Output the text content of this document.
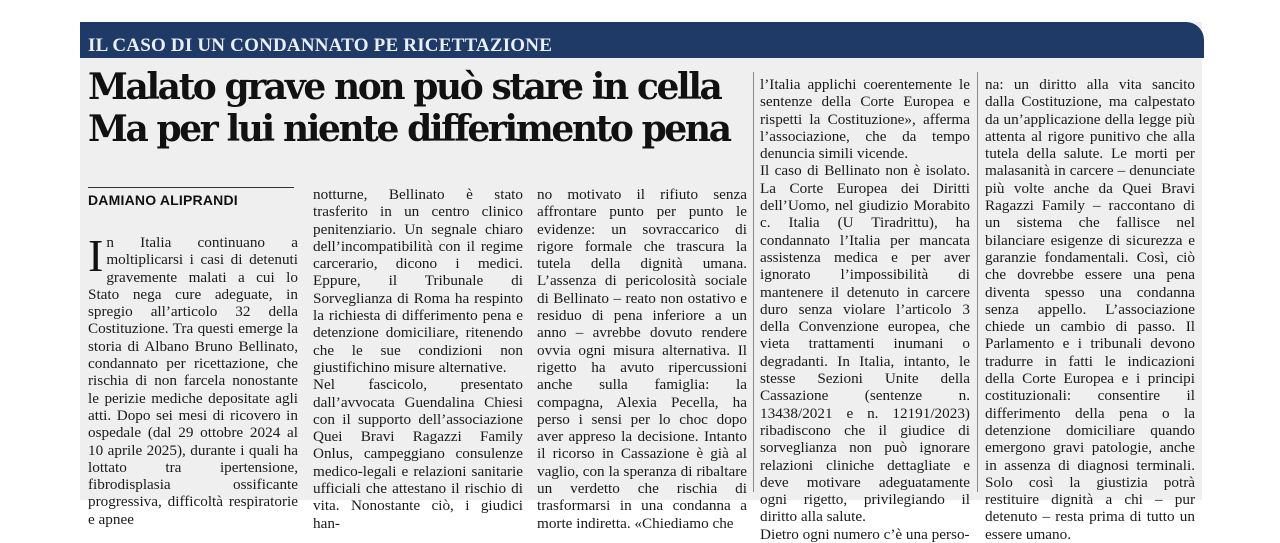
IL CASO DI UN CONDANNATO PE RICETTAZIONE
Malato grave non può stare in cella
Ma per lui niente differimento pena
DAMIANO ALIPRANDI
In Italia continuano a moltiplicarsi i casi di detenuti gravemente malati a cui lo Stato nega cure adeguate, in spregio all’articolo 32 della Costituzione. Tra questi emerge la storia di Albano Bruno Bellinato, condannato per ricettazione, che rischia di non farcela nonostante le perizie mediche depositate agli atti. Dopo sei mesi di ricovero in ospedale (dal 29 ottobre 2024 al 10 aprile 2025), durante i quali ha lottato tra ipertensione, fibrodisplasia ossificante progressiva, difficoltà respiratorie e apnee

notturne, Bellinato è stato trasferito in un centro clinico penitenziario. Un segnale chiaro dell’incompatibilità con il regime carcerario, dicono i medici. Eppure, il Tribunale di Sorveglianza di Roma ha respinto la richiesta di differimento pena e detenzione domiciliare, ritenendo che le sue condizioni non giustifichino misure alternative.

Nel fascicolo, presentato dall’avvocata Guendalina Chiesi con il supporto dell’associazione Quei Bravi Ragazzi Family Onlus, campeggiano consulenze medico-legali e relazioni sanitarie ufficiali che attestano il rischio di vita. Nonostante ciò, i giudici han-

no motivato il rifiuto senza affrontare punto per punto le evidenze: un sovraccarico di rigore formale che trascura la tutela della dignità umana. L’assenza di pericolosità sociale di Bellinato – reato non ostativo e residuo di pena inferiore a un anno – avrebbe dovuto rendere ovvia ogni misura alternativa. Il rigetto ha avuto ripercussioni anche sulla famiglia: la compagna, Alexia Pecella, ha perso i sensi per lo choc dopo aver appreso la decisione. Intanto il ricorso in Cassazione è già al vaglio, con la speranza di ribaltare un verdetto che rischia di trasformarsi in una condanna a morte indiretta. «Chiediamo che

l’Italia applichi coerentemente le sentenze della Corte Europea e rispetti la Costituzione», afferma l’associazione, che da tempo denuncia simili vicende.

Il caso di Bellinato non è isolato. La Corte Europea dei Diritti dell’Uomo, nel giudizio Morabito c. Italia (U Tiradrittu), ha condannato l’Italia per mancata assistenza medica e per aver ignorato l’impossibilità di mantenere il detenuto in carcere duro senza violare l’articolo 3 della Convenzione europea, che vieta trattamenti inumani o degradanti. In Italia, intanto, le stesse Sezioni Unite della Cassazione (sentenze n. 13438/2021 e n. 12191/2023) ribadiscono che il giudice di sorveglianza non può ignorare relazioni cliniche dettagliate e deve motivare adeguatamente ogni rigetto, privilegiando il diritto alla salute.

Dietro ogni numero c’è una perso-

na: un diritto alla vita sancito dalla Costituzione, ma calpestato da un’applicazione della legge più attenta al rigore punitivo che alla tutela della salute. Le morti per malasanità in carcere – denunciate più volte anche da Quei Bravi Ragazzi Family – raccontano di un sistema che fallisce nel bilanciare esigenze di sicurezza e garanzie fondamentali. Così, ciò che dovrebbe essere una pena diventa spesso una condanna senza appello. L’associazione chiede un cambio di passo. Il Parlamento e i tribunali devono tradurre in fatti le indicazioni della Corte Europea e i principi costituzionali: consentire il differimento della pena o la detenzione domiciliare quando emergono gravi patologie, anche in assenza di diagnosi terminali. Solo così la giustizia potrà restituire dignità a chi – pur detenuto – resta prima di tutto un essere umano.
